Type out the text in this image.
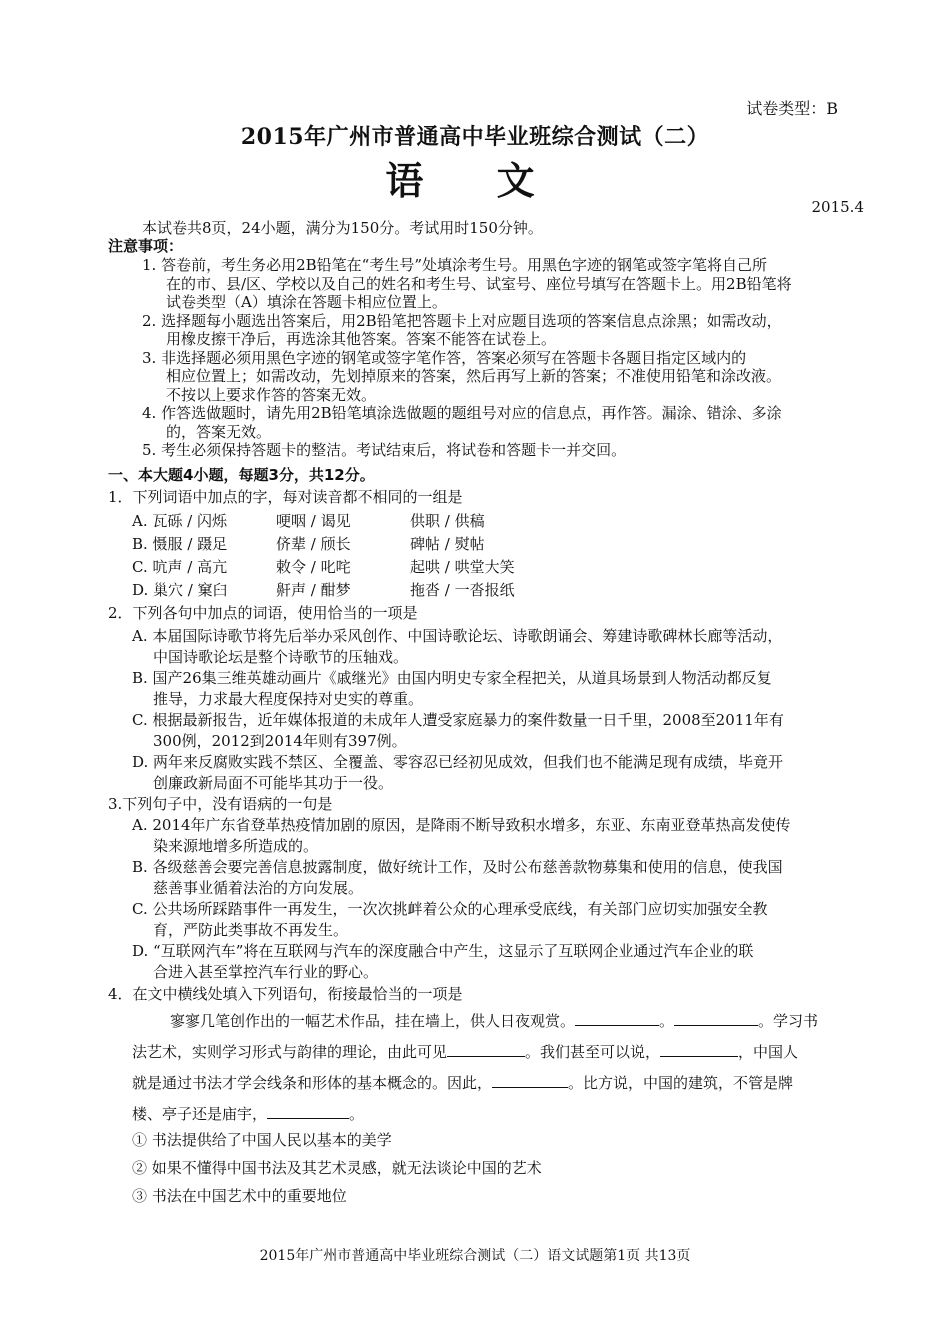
试卷类型：B
2015年广州市普通高中毕业班综合测试（二）
语 文
2015.4
本试卷共8页，24小题，满分为150分。考试用时150分钟。
注意事项：
1. 答卷前，考生务必用2B铅笔在“考生号”处填涂考生号。用黑色字迹的钢笔或签字笔将自己所
在的市、县/区、学校以及自己的姓名和考生号、试室号、座位号填写在答题卡上。用2B铅笔将
试卷类型（A）填涂在答题卡相应位置上。
2. 选择题每小题选出答案后，用2B铅笔把答题卡上对应题目选项的答案信息点涂黑；如需改动，
用橡皮擦干净后，再选涂其他答案。答案不能答在试卷上。
3. 非选择题必须用黑色字迹的钢笔或签字笔作答，答案必须写在答题卡各题目指定区域内的
相应位置上；如需改动，先划掉原来的答案，然后再写上新的答案；不准使用铅笔和涂改液。
不按以上要求作答的答案无效。
4. 作答选做题时，请先用2B铅笔填涂选做题的题组号对应的信息点，再作答。漏涂、错涂、多涂
的，答案无效。
5. 考生必须保持答题卡的整洁。考试结束后，将试卷和答题卡一并交回。
一、本大题4小题，每题3分，共12分。
1．下列词语中加点的字，每对读音都不相同的一组是
A. 瓦砾 / 闪烁	哽咽 / 谒见	供职 / 供稿
B. 慑服 / 蹑足	侪辈 / 颀长	碑帖 / 熨帖
C. 吭声 / 高亢	敕令 / 叱咤	起哄 / 哄堂大笑
D. 巢穴 / 窠臼	鼾声 / 酣梦	拖沓 / 一沓报纸
2．下列各句中加点的词语，使用恰当的一项是
A. 本届国际诗歌节将先后举办采风创作、中国诗歌论坛、诗歌朗诵会、筹建诗歌碑林长廊等活动，
中国诗歌论坛是整个诗歌节的压轴戏。
B. 国产26集三维英雄动画片《戚继光》由国内明史专家全程把关，从道具场景到人物活动都反复
推导，力求最大程度保持对史实的尊重。
C. 根据最新报告，近年媒体报道的未成年人遭受家庭暴力的案件数量一日千里，2008至2011年有
300例，2012到2014年则有397例。
D. 两年来反腐败实践不禁区、全覆盖、零容忍已经初见成效，但我们也不能满足现有成绩，毕竟开
创廉政新局面不可能毕其功于一役。
3.下列句子中，没有语病的一句是
A. 2014年广东省登革热疫情加剧的原因，是降雨不断导致积水增多，东亚、东南亚登革热高发使传
染来源地增多所造成的。
B. 各级慈善会要完善信息披露制度，做好统计工作，及时公布慈善款物募集和使用的信息，使我国
慈善事业循着法治的方向发展。
C. 公共场所踩踏事件一再发生，一次次挑衅着公众的心理承受底线，有关部门应切实加强安全教
育，严防此类事故不再发生。
D. “互联网汽车”将在互联网与汽车的深度融合中产生，这显示了互联网企业通过汽车企业的联
合进入甚至掌控汽车行业的野心。
4．在文中横线处填入下列语句，衔接最恰当的一项是
寥寥几笔创作出的一幅艺术作品，挂在墙上，供人日夜观赏。	。	。学习书
法艺术，实则学习形式与韵律的理论，由此可见	。我们甚至可以说，	，中国人
就是通过书法才学会线条和形体的基本概念的。因此，	。比方说，中国的建筑，不管是牌
楼、亭子还是庙宇，	。
① 书法提供给了中国人民以基本的美学
② 如果不懂得中国书法及其艺术灵感，就无法谈论中国的艺术
③ 书法在中国艺术中的重要地位
2015年广州市普通高中毕业班综合测试（二）语文试题第1页 共13页
